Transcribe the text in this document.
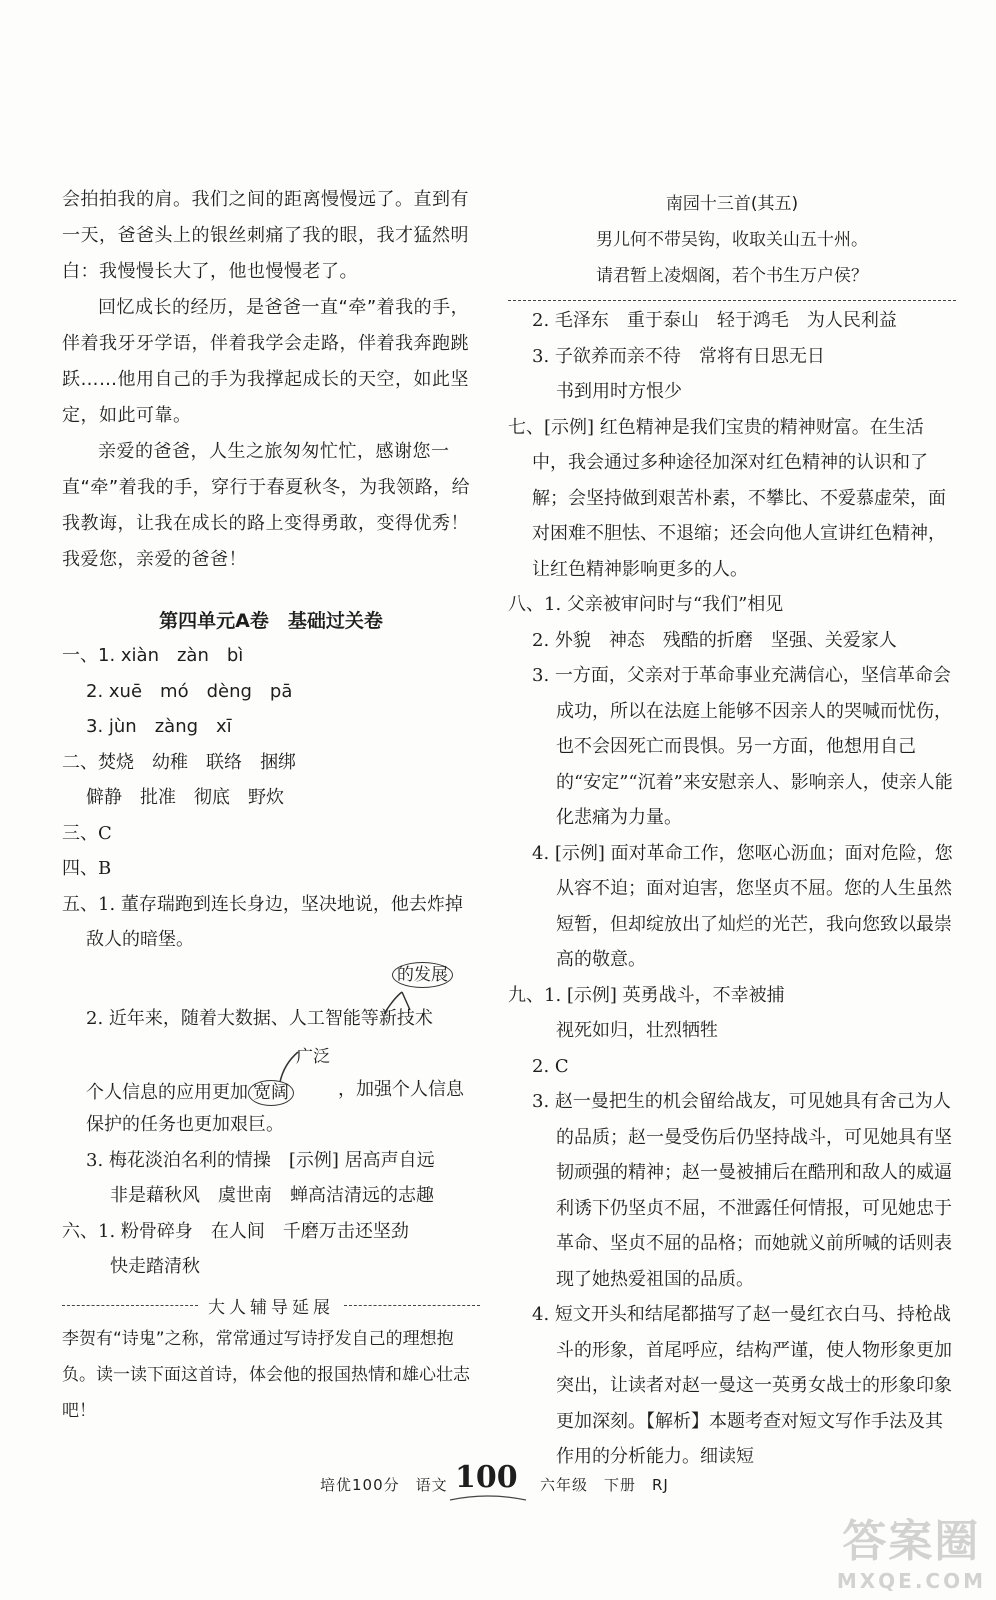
会拍拍我的肩。我们之间的距离慢慢远了。直到有一天，爸爸头上的银丝刺痛了我的眼，我才猛然明白：我慢慢长大了，他也慢慢老了。

回忆成长的经历，是爸爸一直“牵”着我的手，伴着我牙牙学语，伴着我学会走路，伴着我奔跑跳跃……他用自己的手为我撑起成长的天空，如此坚定，如此可靠。

亲爱的爸爸，人生之旅匆匆忙忙，感谢您一直“牵”着我的手，穿行于春夏秋冬，为我领路，给我教诲，让我在成长的路上变得勇敢，变得优秀！我爱您，亲爱的爸爸！

第四单元A卷　基础过关卷
一、1. xiàn　zàn　bì
2. xuē　mó　dèng　pā
3. jùn　zàng　xī
二、焚烧　幼稚　联络　捆绑
僻静　批准　彻底　野炊
三、C
四、B
五、1. 董存瑞跑到连长身边，坚决地说，他去炸掉敌人的暗堡。
的发展
2. 近年来，随着大数据、人工智能等新技术
广泛
个人信息的应用更加 宽阔	，加强个人信息保护的任务也更加艰巨。
3. 梅花淡泊名利的情操　[示例] 居高声自远
非是藉秋风　虞世南　蝉高洁清远的志趣
六、1. 粉骨碎身　在人间　千磨万击还坚劲
快走踏清秋
大人辅导延展
李贺有“诗鬼”之称，常常通过写诗抒发自己的理想抱负。读一读下面这首诗，体会他的报国热情和雄心壮志吧！
南园十三首(其五)
男儿何不带吴钩，收取关山五十州。
请君暂上凌烟阁，若个书生万户侯？
2. 毛泽东　重于泰山　轻于鸿毛　为人民利益
3. 子欲养而亲不待　常将有日思无日
书到用时方恨少
七、[示例] 红色精神是我们宝贵的精神财富。在生活中，我会通过多种途径加深对红色精神的认识和了解；会坚持做到艰苦朴素，不攀比、不爱慕虚荣，面对困难不胆怯、不退缩；还会向他人宣讲红色精神，让红色精神影响更多的人。
八、1. 父亲被审问时与“我们”相见
2. 外貌　神态　残酷的折磨　坚强、关爱家人
3. 一方面，父亲对于革命事业充满信心，坚信革命会成功，所以在法庭上能够不因亲人的哭喊而忧伤，也不会因死亡而畏惧。另一方面，他想用自己的“安定”“沉着”来安慰亲人、影响亲人，使亲人能化悲痛为力量。
4. [示例] 面对革命工作，您呕心沥血；面对危险，您从容不迫；面对迫害，您坚贞不屈。您的人生虽然短暂，但却绽放出了灿烂的光芒，我向您致以最崇高的敬意。
九、1. [示例] 英勇战斗，不幸被捕
视死如归，壮烈牺牲
2. C
3. 赵一曼把生的机会留给战友，可见她具有舍己为人的品质；赵一曼受伤后仍坚持战斗，可见她具有坚韧顽强的精神；赵一曼被捕后在酷刑和敌人的威逼利诱下仍坚贞不屈，不泄露任何情报，可见她忠于革命、坚贞不屈的品格；而她就义前所喊的话则表现了她热爱祖国的品质。
4. 短文开头和结尾都描写了赵一曼红衣白马、持枪战斗的形象，首尾呼应，结构严谨，使人物形象更加突出，让读者对赵一曼这一英勇女战士的形象印象更加深刻。【解析】本题考查对短文写作手法及其作用的分析能力。细读短
培优100分　语文 100 六年级　下册　RJ
答案圈
MXQE.COM
